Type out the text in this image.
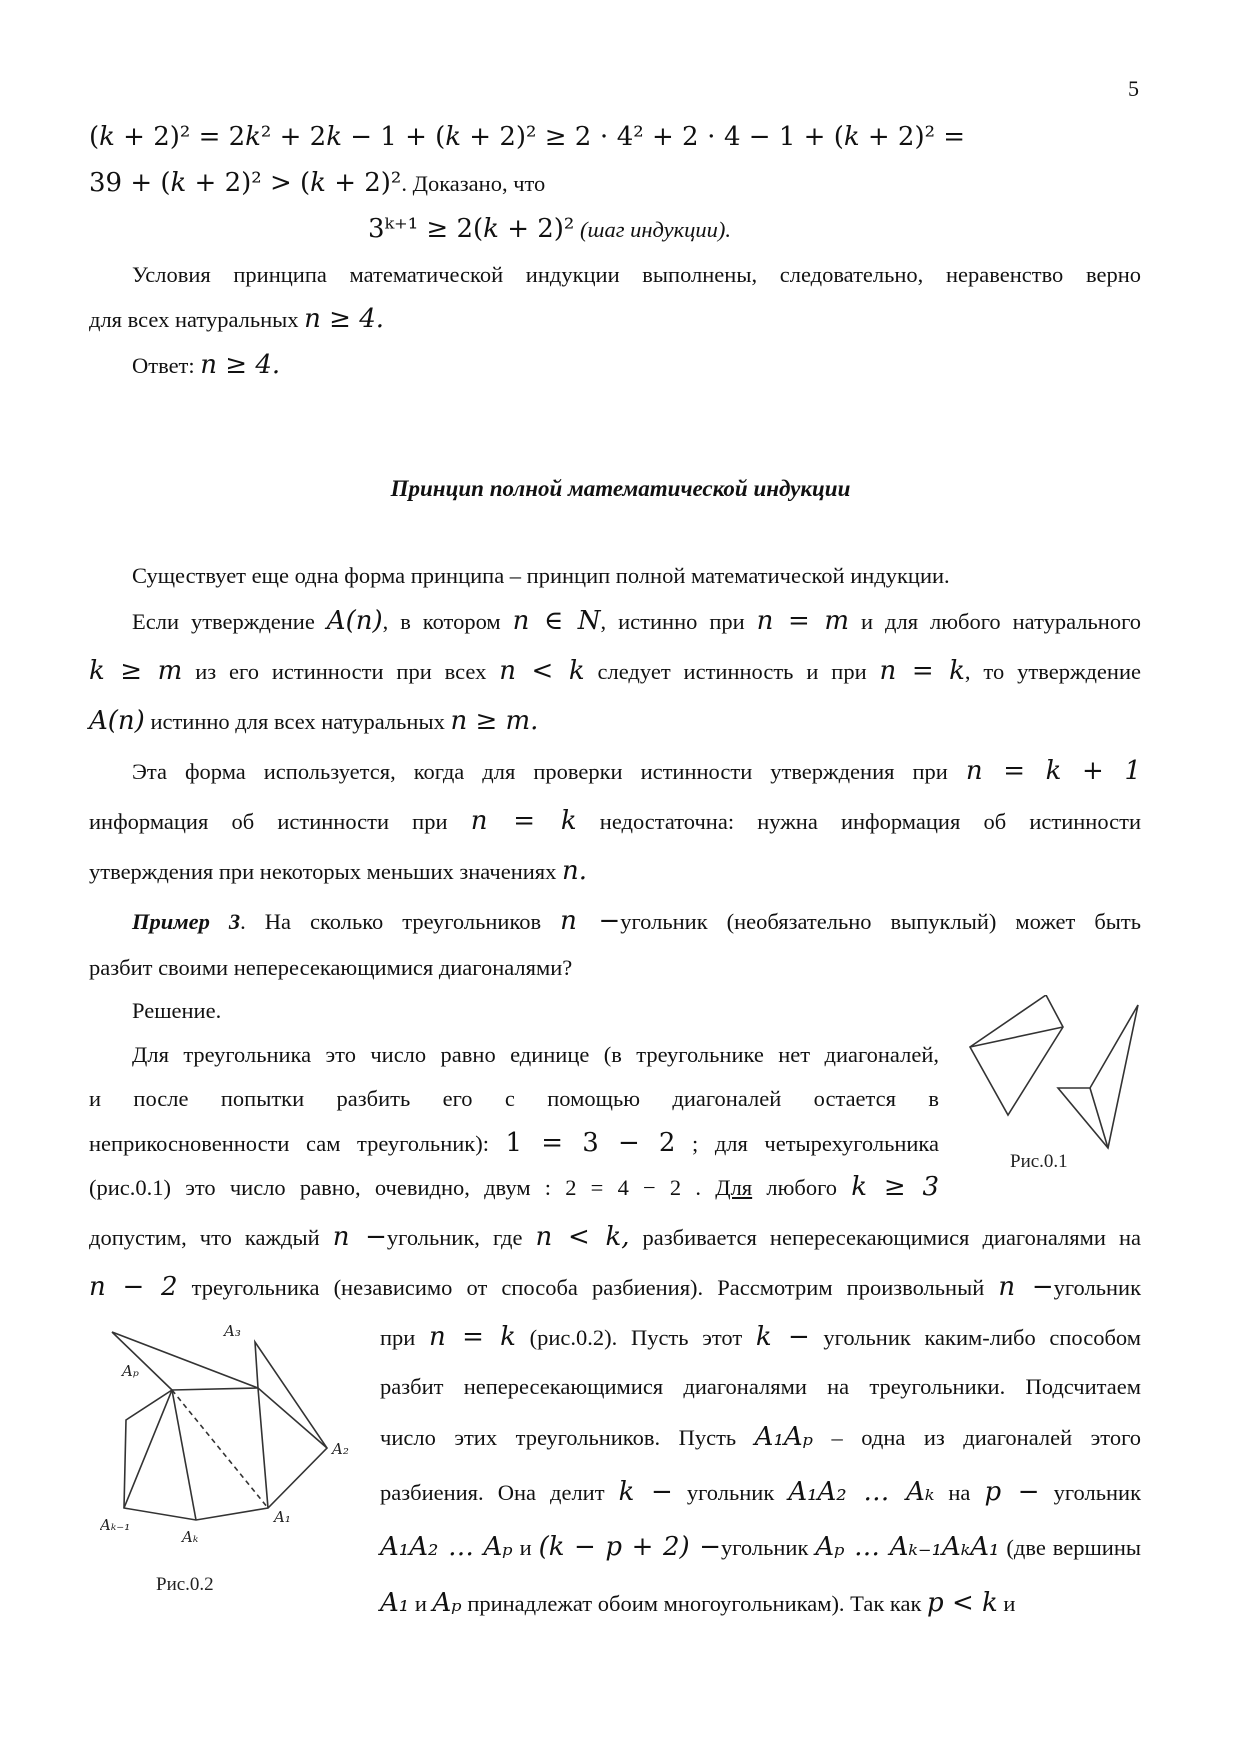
5
(𝑘 + 2)² = 2𝑘² + 2𝑘 − 1 + (𝑘 + 2)² ≥ 2 ⋅ 4² + 2 ⋅ 4 − 1 + (𝑘 + 2)² =
39 + (𝑘 + 2)² > (𝑘 + 2)². Доказано, что
3ᵏ⁺¹ ≥ 2(𝑘 + 2)² (шаг индукции).
Условия принципа математической индукции выполнены, следовательно, неравенство верно
для всех натуральных 𝑛 ≥ 4.
Ответ: 𝑛 ≥ 4.
Принцип полной математической индукции
Существует еще одна форма принципа – принцип полной математической индукции.
Если утверждение 𝐴(𝑛), в котором 𝑛 ∈ 𝑁, истинно при 𝑛 = 𝑚 и для любого натурального
𝑘 ≥ 𝑚 из его истинности при всех 𝑛 < 𝑘 следует истинность и при 𝑛 = 𝑘, то утверждение
𝐴(𝑛) истинно для всех натуральных 𝑛 ≥ 𝑚.
Эта форма используется, когда для проверки истинности утверждения при 𝑛 = 𝑘 + 1
информация об истинности при 𝑛 = 𝑘 недостаточна: нужна информация об истинности
утверждения при некоторых меньших значениях 𝑛.
Пример 3. На сколько треугольников 𝑛 −угольник (необязательно выпуклый) может быть
разбит своими непересекающимися диагоналями?
Решение.
Для треугольника это число равно единице (в треугольнике нет диагоналей,
и после попытки разбить его с помощью диагоналей остается в
неприкосновенности сам треугольник): 1 = 3 − 2 ; для четырехугольника
(рис.0.1) это число равно, очевидно, двум : 2 = 4 − 2 . Для любого 𝑘 ≥ 3
допустим, что каждый 𝑛 −угольник, где 𝑛 < 𝑘, разбивается непересекающимися диагоналями на
𝑛 − 2 треугольника (независимо от способа разбиения). Рассмотрим произвольный 𝑛 −угольник
при 𝑛 = 𝑘 (рис.0.2). Пусть этот 𝑘 − угольник каким-либо способом
разбит непересекающимися диагоналями на треугольники. Подсчитаем
число этих треугольников. Пусть 𝐴₁𝐴ₚ – одна из диагоналей этого
разбиения. Она делит 𝑘 − угольник 𝐴₁𝐴₂ … 𝐴ₖ на 𝑝 − угольник
𝐴₁𝐴₂ … 𝐴ₚ и (𝑘 − 𝑝 + 2) −угольник 𝐴ₚ … 𝐴ₖ₋₁𝐴ₖ𝐴₁ (две вершины
𝐴₁ и 𝐴ₚ принадлежат обоим многоугольникам). Так как 𝑝 < 𝑘 и
Рис.0.1
A₃
Aₚ
A₂
A₁
Aₖ
Aₖ₋₁
Рис.0.2
